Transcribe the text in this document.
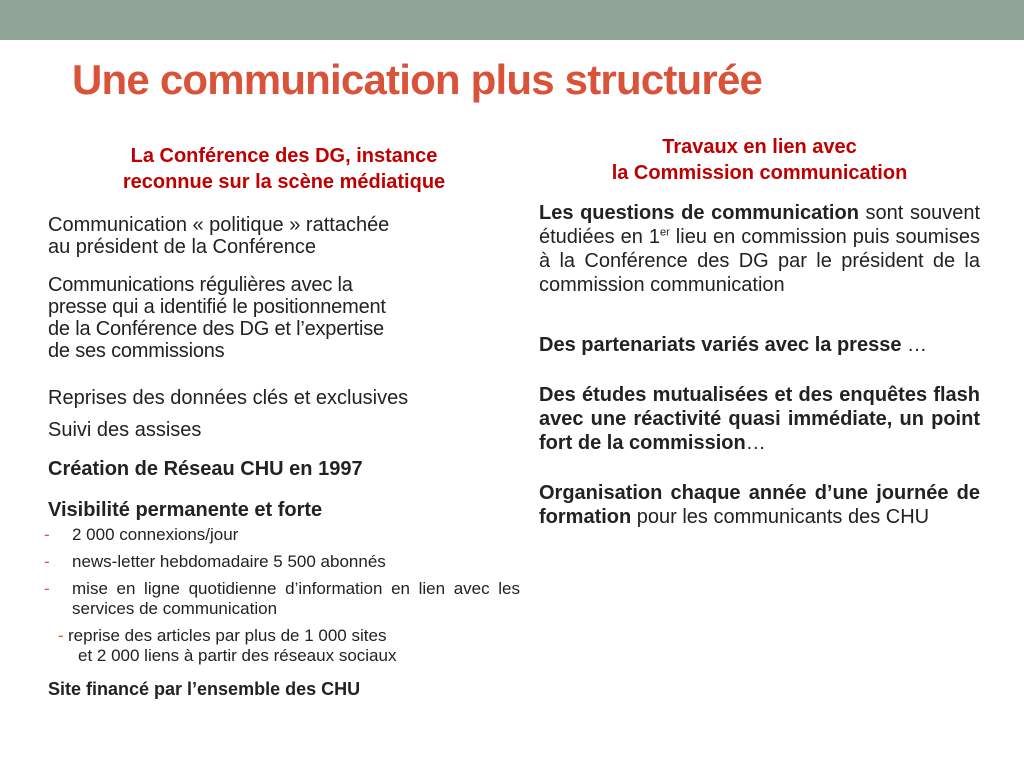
Une communication plus structurée
La Conférence des DG, instance
reconnue sur la scène médiatique

Communication « politique » rattachée
au président de la Conférence

Communications régulières avec la
presse qui a identifié le positionnement
de la Conférence des DG et l’expertise
de ses commissions

Reprises des données clés et exclusives
Suivi des assises

Création de Réseau CHU en 1997

Visibilité permanente et forte

- 2 000 connexions/jour

- news-letter hebdomadaire 5 500 abonnés

- mise en ligne quotidienne d’information en lien avec les services de communication

- reprise des articles par plus de 1 000 sites
et 2 000 liens à partir des réseaux sociaux

Site financé par l’ensemble des CHU

Travaux en lien avec
la Commission communication

Les questions de communication sont souvent étudiées en 1er lieu en commission puis soumises à la Conférence des DG par le président de la commission communication

Des partenariats variés avec la presse …

Des études mutualisées et des enquêtes flash avec une réactivité quasi immédiate, un point fort de la commission…

Organisation chaque année d’une journée de formation pour les communicants des CHU
